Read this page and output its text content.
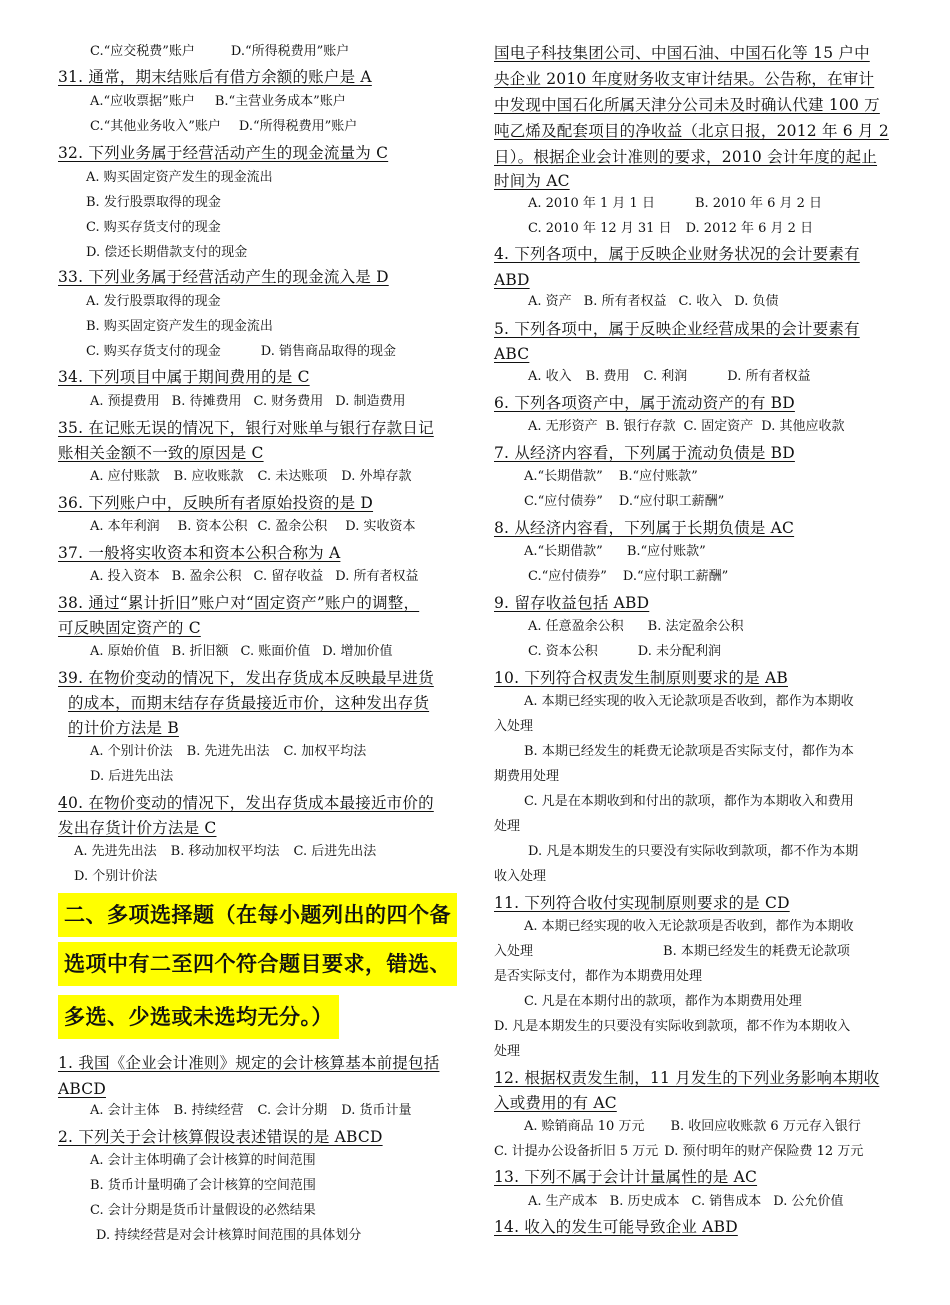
C.“应交税费”账户	D.“所得税费用”账户
31. 通常，期末结账后有借方余额的账户是 A
A.“应收票据”账户 B.“主营业务成本”账户
C.“其他业务收入”账户 D.“所得税费用”账户
32. 下列业务属于经营活动产生的现金流量为 C
A. 购买固定资产发生的现金流出
B. 发行股票取得的现金
C. 购买存货支付的现金
D. 偿还长期借款支付的现金
33. 下列业务属于经营活动产生的现金流入是 D
A. 发行股票取得的现金
B. 购买固定资产发生的现金流出
C. 购买存货支付的现金	D. 销售商品取得的现金
34. 下列项目中属于期间费用的是 C
A. 预提费用 B. 待摊费用 C. 财务费用 D. 制造费用
35. 在记账无误的情况下，银行对账单与银行存款日记
账相关金额不一致的原因是 C
A. 应付账款 B. 应收账款 C. 未达账项 D. 外埠存款
36. 下列账户中，反映所有者原始投资的是 D
A. 本年利润 B. 资本公积 C. 盈余公积 D. 实收资本
37. 一般将实收资本和资本公积合称为 A
A. 投入资本 B. 盈余公积 C. 留存收益 D. 所有者权益
38. 通过“累计折旧”账户对“固定资产”账户的调整，
可反映固定资产的 C
A. 原始价值 B. 折旧额 C. 账面价值 D. 增加价值
39. 在物价变动的情况下，发出存货成本反映最早进货
的成本，而期末结存存货最接近市价，这种发出存货
的计价方法是 B
A. 个别计价法 B. 先进先出法 C. 加权平均法
D. 后进先出法
40. 在物价变动的情况下，发出存货成本最接近市价的
发出存货计价方法是 C
A. 先进先出法 B. 移动加权平均法 C. 后进先出法
D. 个别计价法
二、多项选择题（在每小题列出的四个备
选项中有二至四个符合题目要求，错选、
多选、少选或未选均无分。）
1. 我国《企业会计准则》规定的会计核算基本前提包括
ABCD
A. 会计主体 B. 持续经营 C. 会计分期 D. 货币计量
2. 下列关于会计核算假设表述错误的是 ABCD
A. 会计主体明确了会计核算的时间范围
B. 货币计量明确了会计核算的空间范围
C. 会计分期是货币计量假设的必然结果
D. 持续经营是对会计核算时间范围的具体划分
国电子科技集团公司、中国石油、中国石化等 15 户中
央企业 2010 年度财务收支审计结果。公告称，在审计
中发现中国石化所属天津分公司未及时确认代建 100 万
吨乙烯及配套项目的净收益（北京日报，2012 年 6 月 2
日）。根据企业会计准则的要求，2010 会计年度的起止
时间为 AC
A. 2010 年 1 月 1 日	B. 2010 年 6 月 2 日
C. 2010 年 12 月 31 日 D. 2012 年 6 月 2 日
4. 下列各项中，属于反映企业财务状况的会计要素有
ABD
A. 资产 B. 所有者权益 C. 收入 D. 负债
5. 下列各项中，属于反映企业经营成果的会计要素有
ABC
A. 收入 B. 费用 C. 利润	D. 所有者权益
6. 下列各项资产中，属于流动资产的有 BD
A. 无形资产 B. 银行存款 C. 固定资产 D. 其他应收款
7. 从经济内容看，下列属于流动负债是 BD
A.“长期借款” B.“应付账款”
C.“应付债券” D.“应付职工薪酬”
8. 从经济内容看，下列属于长期负债是 AC
A.“长期借款” B.“应付账款”
C.“应付债券” D.“应付职工薪酬”
9. 留存收益包括 ABD
A. 任意盈余公积 B. 法定盈余公积
C. 资本公积	D. 未分配利润
10. 下列符合权责发生制原则要求的是 AB
A. 本期已经实现的收入无论款项是否收到，都作为本期收
入处理
B. 本期已经发生的耗费无论款项是否实际支付，都作为本
期费用处理
C. 凡是在本期收到和付出的款项，都作为本期收入和费用
处理
D. 凡是本期发生的只要没有实际收到款项，都不作为本期
收入处理
11. 下列符合收付实现制原则要求的是 CD
A. 本期已经实现的收入无论款项是否收到，都作为本期收
入处理	B. 本期已经发生的耗费无论款项
是否实际支付，都作为本期费用处理
C. 凡是在本期付出的款项，都作为本期费用处理
D. 凡是本期发生的只要没有实际收到款项，都不作为本期收入
处理
12. 根据权责发生制，11 月发生的下列业务影响本期收
入或费用的有 AC
A. 赊销商品 10 万元 B. 收回应收账款 6 万元存入银行
C. 计提办公设备折旧 5 万元 D. 预付明年的财产保险费 12 万元
13. 下列不属于会计计量属性的是 AC
A. 生产成本 B. 历史成本 C. 销售成本 D. 公允价值
14. 收入的发生可能导致企业 ABD
